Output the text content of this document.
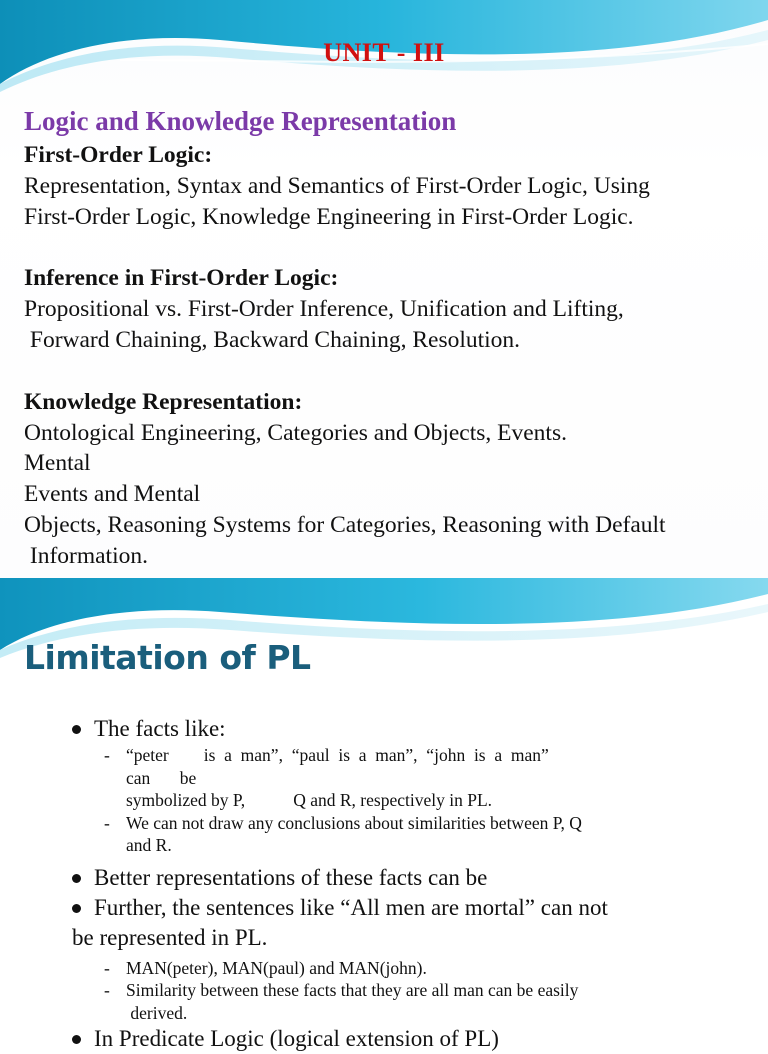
UNIT - III
Logic and Knowledge Representation
First-Order Logic:
Representation, Syntax and Semantics of First-Order Logic, Using
First-Order Logic, Knowledge Engineering in First-Order Logic.
Inference in First-Order Logic:
Propositional vs. First-Order Inference, Unification and Lifting,
Forward Chaining, Backward Chaining, Resolution.
Knowledge Representation:
Ontological Engineering, Categories and Objects, Events.
Mental
Events and Mental
Objects, Reasoning Systems for Categories, Reasoning with Default
Information.
Limitation of PL
The facts like:
- “peter        is  a  man”,  “paul  is  a  man”,  “john  is  a  man”
can    be
symbolized by P,           Q and R, respectively in PL.
- We can not draw any conclusions about similarities between P, Q
and R.
Better representations of these facts can be
Further, the sentences like “All men are mortal” can not
be represented in PL.
- MAN(peter), MAN(paul) and MAN(john).
- Similarity between these facts that they are all man can be easily
derived.
In Predicate Logic (logical extension of PL)
